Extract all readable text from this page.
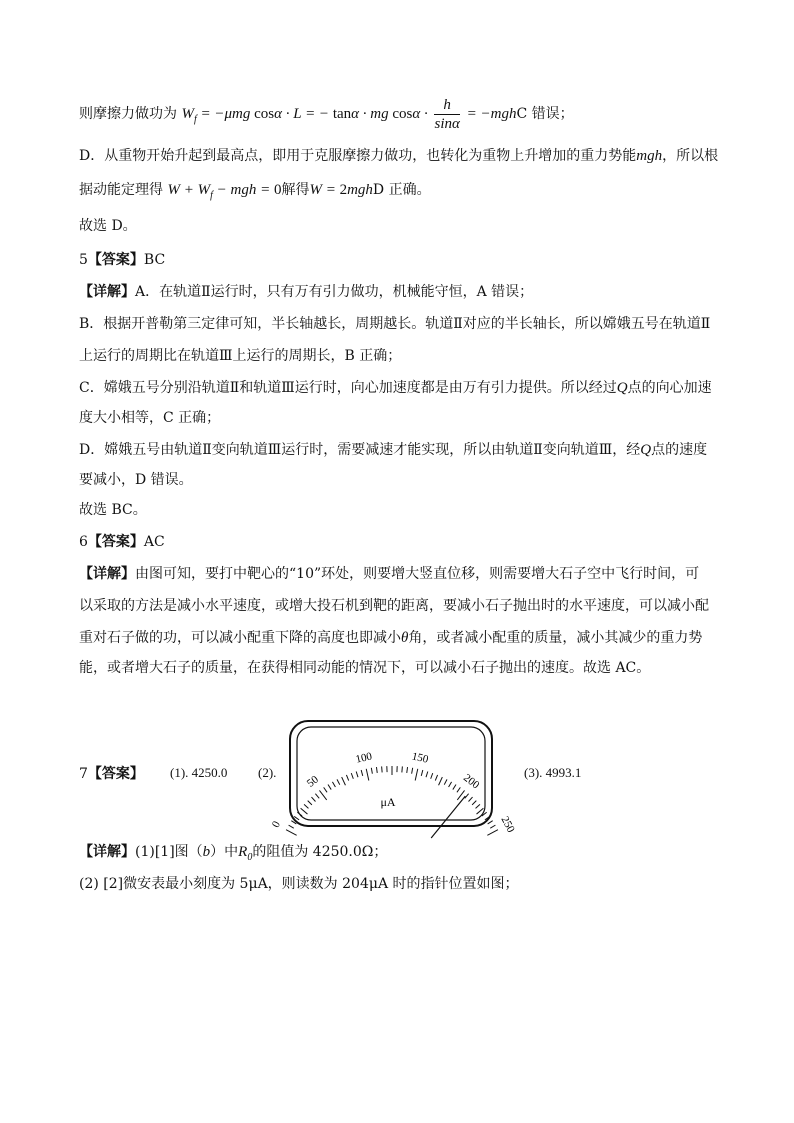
则摩擦力做功为 $W_f = -\mu mg$ cosα · L = − tanα · mg $\cos\alpha \cdot \frac{h}{\sin\alpha}$ = −mghC 错误；
D．从重物开始升起到最高点，即用于克服摩擦力做功，也转化为重物上升增加的重力势能mgh，所以根
据动能定理得 $W + W_f$ − mgh = 0解得W = 2mghD 正确。
故选 D。
5【答案】BC
【详解】A．在轨道Ⅱ运行时，只有万有引力做功，机械能守恒，A 错误；
B．根据开普勒第三定律可知，半长轴越长，周期越长。轨道Ⅱ对应的半长轴长，所以嫦娥五号在轨道Ⅱ
上运行的周期比在轨道Ⅲ上运行的周期长，B 正确；
C．嫦娥五号分别沿轨道Ⅱ和轨道Ⅲ运行时，向心加速度都是由万有引力提供。所以经过Q点的向心加速
度大小相等，C 正确；
D．嫦娥五号由轨道Ⅱ变向轨道Ⅲ运行时，需要减速才能实现，所以由轨道Ⅱ变向轨道Ⅲ，经Q点的速度
要减小，D 错误。
故选 BC。
6【答案】AC
【详解】由图可知，要打中靶心的“10”环处，则要增大竖直位移，则需要增大石子空中飞行时间，可
以采取的方法是减小水平速度，或增大投石机到靶的距离，要减小石子抛出时的水平速度，可以减小配
重对石子做的功，可以减小配重下降的高度也即减小θ角，或者减小配重的质量，减小其减少的重力势
能，或者增大石子的质量，在获得相同动能的情况下，可以减小石子抛出的速度。故选 AC。
7【答案】 (1). 4250.0 (2).	(3). 4993.1
0
50
100	150
200
250
μA
【详解】(1)[1]图（b）中$R_0$的阻值为 4250.0Ω；
(2) [2]微安表最小刻度为 5μA，则读数为 204μA 时的指针位置如图；
